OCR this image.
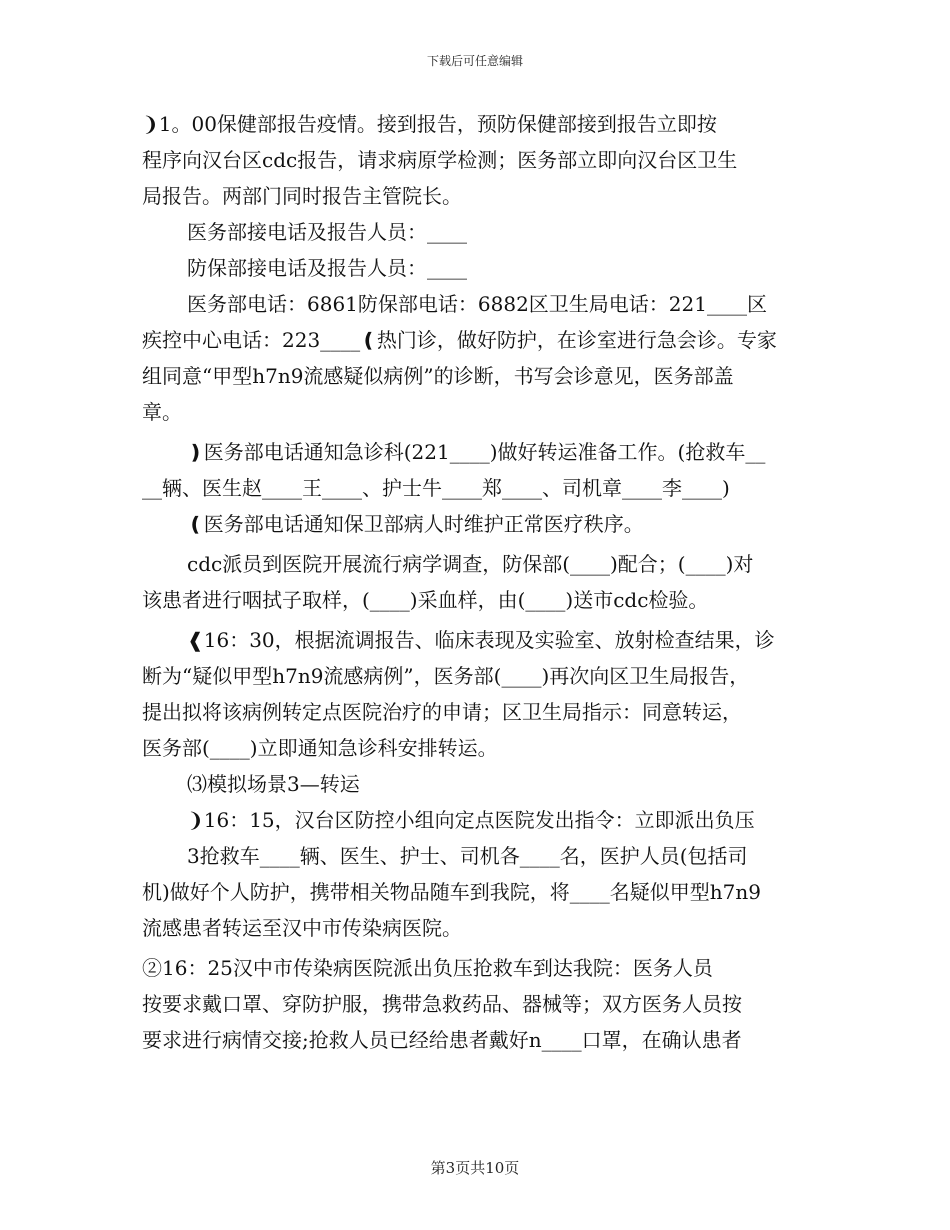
下载后可任意编辑
❩1。00保健部报告疫情。接到报告，预防保健部接到报告立即按
程序向汉台区cdc报告，请求病原学检测；医务部立即向汉台区卫生
局报告。两部门同时报告主管院长。
医务部接电话及报告人员：____
防保部接电话及报告人员：____
医务部电话：6861防保部电话：6882区卫生局电话：221____区
疾控中心电话：223____❪热门诊，做好防护，在诊室进行急会诊。专家
组同意“甲型h7n9流感疑似病例”的诊断，书写会诊意见，医务部盖
章。
❫医务部电话通知急诊科(221____)做好转运准备工作。(抢救车__
__辆、医生赵____王____、护士牛____郑____、司机章____李____)
❪医务部电话通知保卫部病人时维护正常医疗秩序。
cdc派员到医院开展流行病学调查，防保部(____)配合；(____)对
该患者进行咽拭子取样，(____)采血样，由(____)送市cdc检验。
❰16：30，根据流调报告、临床表现及实验室、放射检查结果，诊
断为“疑似甲型h7n9流感病例”，医务部(____)再次向区卫生局报告，
提出拟将该病例转定点医院治疗的申请；区卫生局指示：同意转运，
医务部(____)立即通知急诊科安排转运。
⑶模拟场景3—转运
❩16：15，汉台区防控小组向定点医院发出指令：立即派出负压
3抢救车____辆、医生、护士、司机各____名，医护人员(包括司
机)做好个人防护，携带相关物品随车到我院，将____名疑似甲型h7n9
流感患者转运至汉中市传染病医院。
②16：25汉中市传染病医院派出负压抢救车到达我院：医务人员
按要求戴口罩、穿防护服，携带急救药品、器械等；双方医务人员按
要求进行病情交接;抢救人员已经给患者戴好n____口罩，在确认患者
第3页共10页
